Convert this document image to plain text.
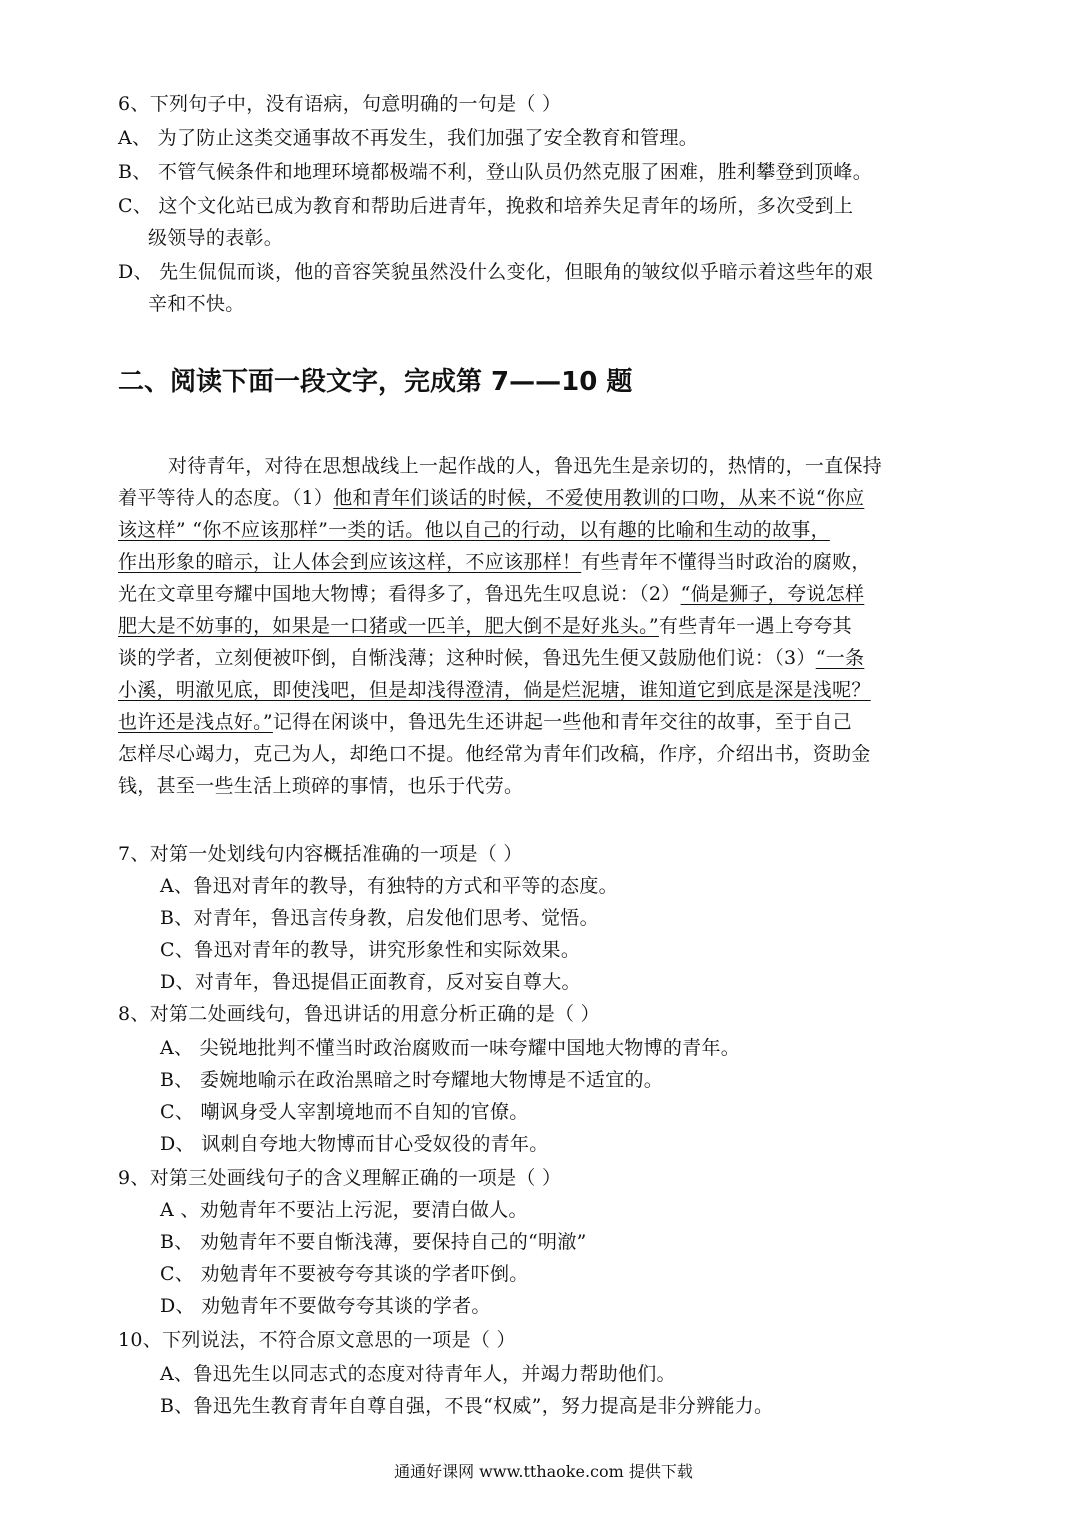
6、下列句子中，没有语病，句意明确的一句是（ ）
A、 为了防止这类交通事故不再发生，我们加强了安全教育和管理。
B、 不管气候条件和地理环境都极端不利，登山队员仍然克服了困难，胜利攀登到顶峰。
C、 这个文化站已成为教育和帮助后进青年，挽救和培养失足青年的场所，多次受到上
级领导的表彰。
D、 先生侃侃而谈，他的音容笑貌虽然没什么变化，但眼角的皱纹似乎暗示着这些年的艰
辛和不快。
二、阅读下面一段文字，完成第 7——10 题
对待青年，对待在思想战线上一起作战的人，鲁迅先生是亲切的，热情的，一直保持
着平等待人的态度。（1）他和青年们谈话的时候，不爱使用教训的口吻，从来不说“你应
该这样” “你不应该那样”一类的话。他以自己的行动，以有趣的比喻和生动的故事，
作出形象的暗示，让人体会到应该这样，不应该那样！有些青年不懂得当时政治的腐败，
光在文章里夸耀中国地大物博；看得多了，鲁迅先生叹息说：（2）“倘是狮子，夸说怎样
肥大是不妨事的，如果是一口猪或一匹羊，肥大倒不是好兆头。”有些青年一遇上夸夸其
谈的学者，立刻便被吓倒，自惭浅薄；这种时候，鲁迅先生便又鼓励他们说：（3）“一条
小溪，明澈见底，即使浅吧，但是却浅得澄清，倘是烂泥塘，谁知道它到底是深是浅呢？
也许还是浅点好。”记得在闲谈中，鲁迅先生还讲起一些他和青年交往的故事，至于自己
怎样尽心竭力，克己为人，却绝口不提。他经常为青年们改稿，作序，介绍出书，资助金
钱，甚至一些生活上琐碎的事情，也乐于代劳。
7、对第一处划线句内容概括准确的一项是（ ）
A、鲁迅对青年的教导，有独特的方式和平等的态度。
B、对青年，鲁迅言传身教，启发他们思考、觉悟。
C、鲁迅对青年的教导，讲究形象性和实际效果。
D、对青年，鲁迅提倡正面教育，反对妄自尊大。
8、对第二处画线句，鲁迅讲话的用意分析正确的是（ ）
A、 尖锐地批判不懂当时政治腐败而一味夸耀中国地大物博的青年。
B、 委婉地喻示在政治黑暗之时夸耀地大物博是不适宜的。
C、 嘲讽身受人宰割境地而不自知的官僚。
D、 讽刺自夸地大物博而甘心受奴役的青年。
9、对第三处画线句子的含义理解正确的一项是（ ）
A 、劝勉青年不要沾上污泥，要清白做人。
B、 劝勉青年不要自惭浅薄，要保持自己的“明澈”
C、 劝勉青年不要被夸夸其谈的学者吓倒。
D、 劝勉青年不要做夸夸其谈的学者。
10、下列说法，不符合原文意思的一项是（ ）
A、鲁迅先生以同志式的态度对待青年人，并竭力帮助他们。
B、鲁迅先生教育青年自尊自强，不畏“权威”，努力提高是非分辨能力。
通通好课网 www.tthaoke.com 提供下载
